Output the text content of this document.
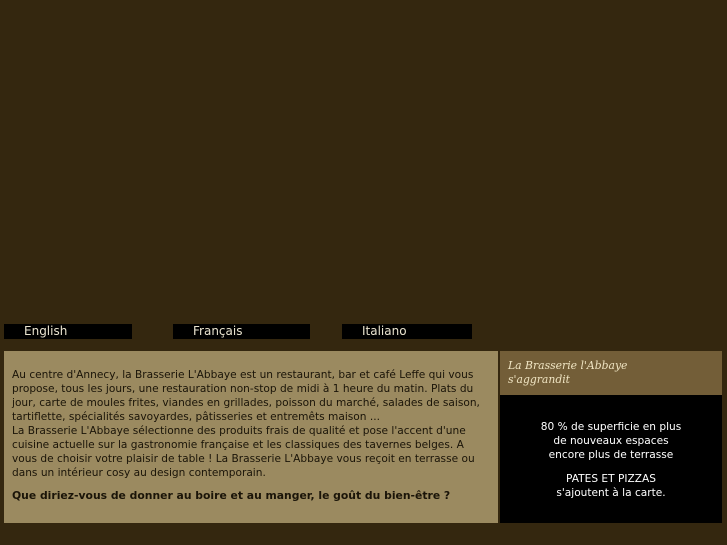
English	Français	Italiano

Au centre d'Annecy, la Brasserie L'Abbaye est un restaurant, bar et café Leffe qui vous propose, tous les jours, une restauration non-stop de midi à 1 heure du matin. Plats du jour, carte de moules frites, viandes en grillades, poisson du marché, salades de saison, tartiflette, spécialités savoyardes, pâtisseries et entremêts maison ...

La Brasserie L'Abbaye sélectionne des produits frais de qualité et pose l'accent d'une cuisine actuelle sur la gastronomie française et les classiques des tavernes belges. A vous de choisir votre plaisir de table ! La Brasserie L'Abbaye vous reçoit en terrasse ou dans un intérieur cosy au design contemporain.

Que diriez-vous de donner au boire et au manger, le goût du bien-être ?

La Brasserie l'Abbaye
s'aggrandit

80 % de superficie en plus

de nouveaux espaces

encore plus de terrasse

PATES ET PIZZAS

s'ajoutent à la carte.
